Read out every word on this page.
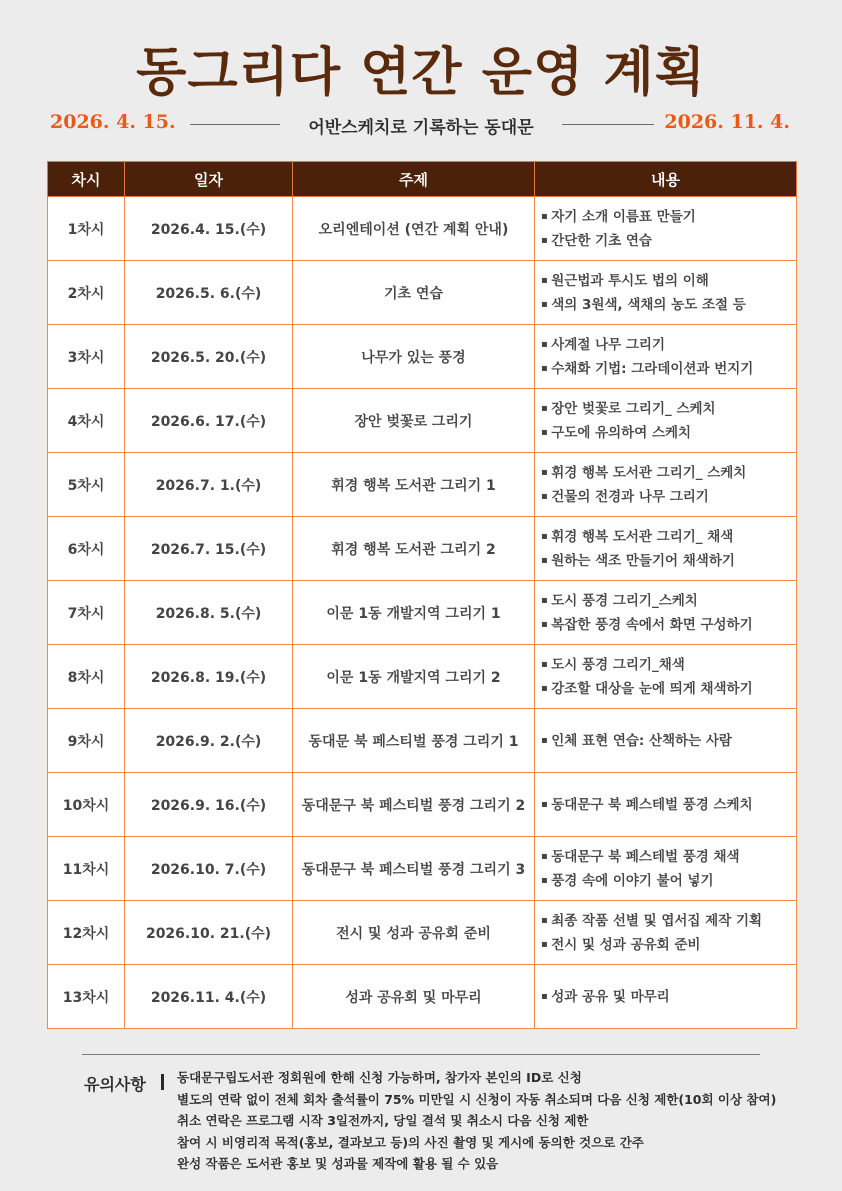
동그리다 연간 운영 계획
2026. 4. 15.	어반스케치로 기록하는 동대문	2026. 11. 4.
차시	일자	주제	내용
1차시	2026.4. 15.(수)	오리엔테이션 (연간 계획 안내)	▪ 자기 소개 이름표 만들기
▪ 간단한 기초 연습

2차시	2026.5. 6.(수)	기초 연습	▪ 원근법과 투시도 법의 이해
▪ 색의 3원색, 색채의 농도 조절 등

3차시	2026.5. 20.(수)	나무가 있는 풍경	▪ 사계절 나무 그리기
▪ 수채화 기법: 그라데이션과 번지기

4차시	2026.6. 17.(수)	장안 벚꽃로 그리기	▪ 장안 벚꽃로 그리기_ 스케치
▪ 구도에 유의하여 스케치

5차시	2026.7. 1.(수)	휘경 행복 도서관 그리기 1	▪ 휘경 행복 도서관 그리기_ 스케치
▪ 건물의 전경과 나무 그리기

6차시	2026.7. 15.(수)	휘경 행복 도서관 그리기 2	▪ 휘경 행복 도서관 그리기_ 채색
▪ 원하는 색조 만들기어 채색하기

7차시	2026.8. 5.(수)	이문 1동 개발지역 그리기 1	▪ 도시 풍경 그리기_스케치
▪ 복잡한 풍경 속에서 화면 구성하기

8차시	2026.8. 19.(수)	이문 1동 개발지역 그리기 2	▪ 도시 풍경 그리기_채색
▪ 강조할 대상을 눈에 띄게 채색하기

9차시	2026.9. 2.(수)	동대문 북 페스티벌 풍경 그리기 1	▪ 인체 표현 연습: 산책하는 사람

10차시	2026.9. 16.(수)	동대문구 북 페스티벌 풍경 그리기 2	▪ 동대문구 북 페스테벌 풍경 스케치

11차시	2026.10. 7.(수)	동대문구 북 페스티벌 풍경 그리기 3	▪ 동대문구 북 페스테벌 풍경 채색
▪ 풍경 속에 이야기 불어 넣기

12차시	2026.10. 21.(수)	전시 및 성과 공유회 준비	▪ 최종 작품 선별 및 엽서집 제작 기획
▪ 전시 및 성과 공유회 준비

13차시	2026.11. 4.(수)	성과 공유회 및 마무리	▪ 성과 공유 및 마무리
유의사항 동대문구립도서관 정회원에 한해 신청 가능하며, 참가자 본인의 ID로 신청
별도의 연락 없이 전체 회차 출석률이 75% 미만일 시 신청이 자동 취소되며 다음 신청 제한(10회 이상 참여)
취소 연락은 프로그램 시작 3일전까지, 당일 결석 및 취소시 다음 신청 제한
참여 시 비영리적 목적(홍보, 결과보고 등)의 사진 촬영 및 게시에 동의한 것으로 간주
완성 작품은 도서관 홍보 및 성과물 제작에 활용 될 수 있음
